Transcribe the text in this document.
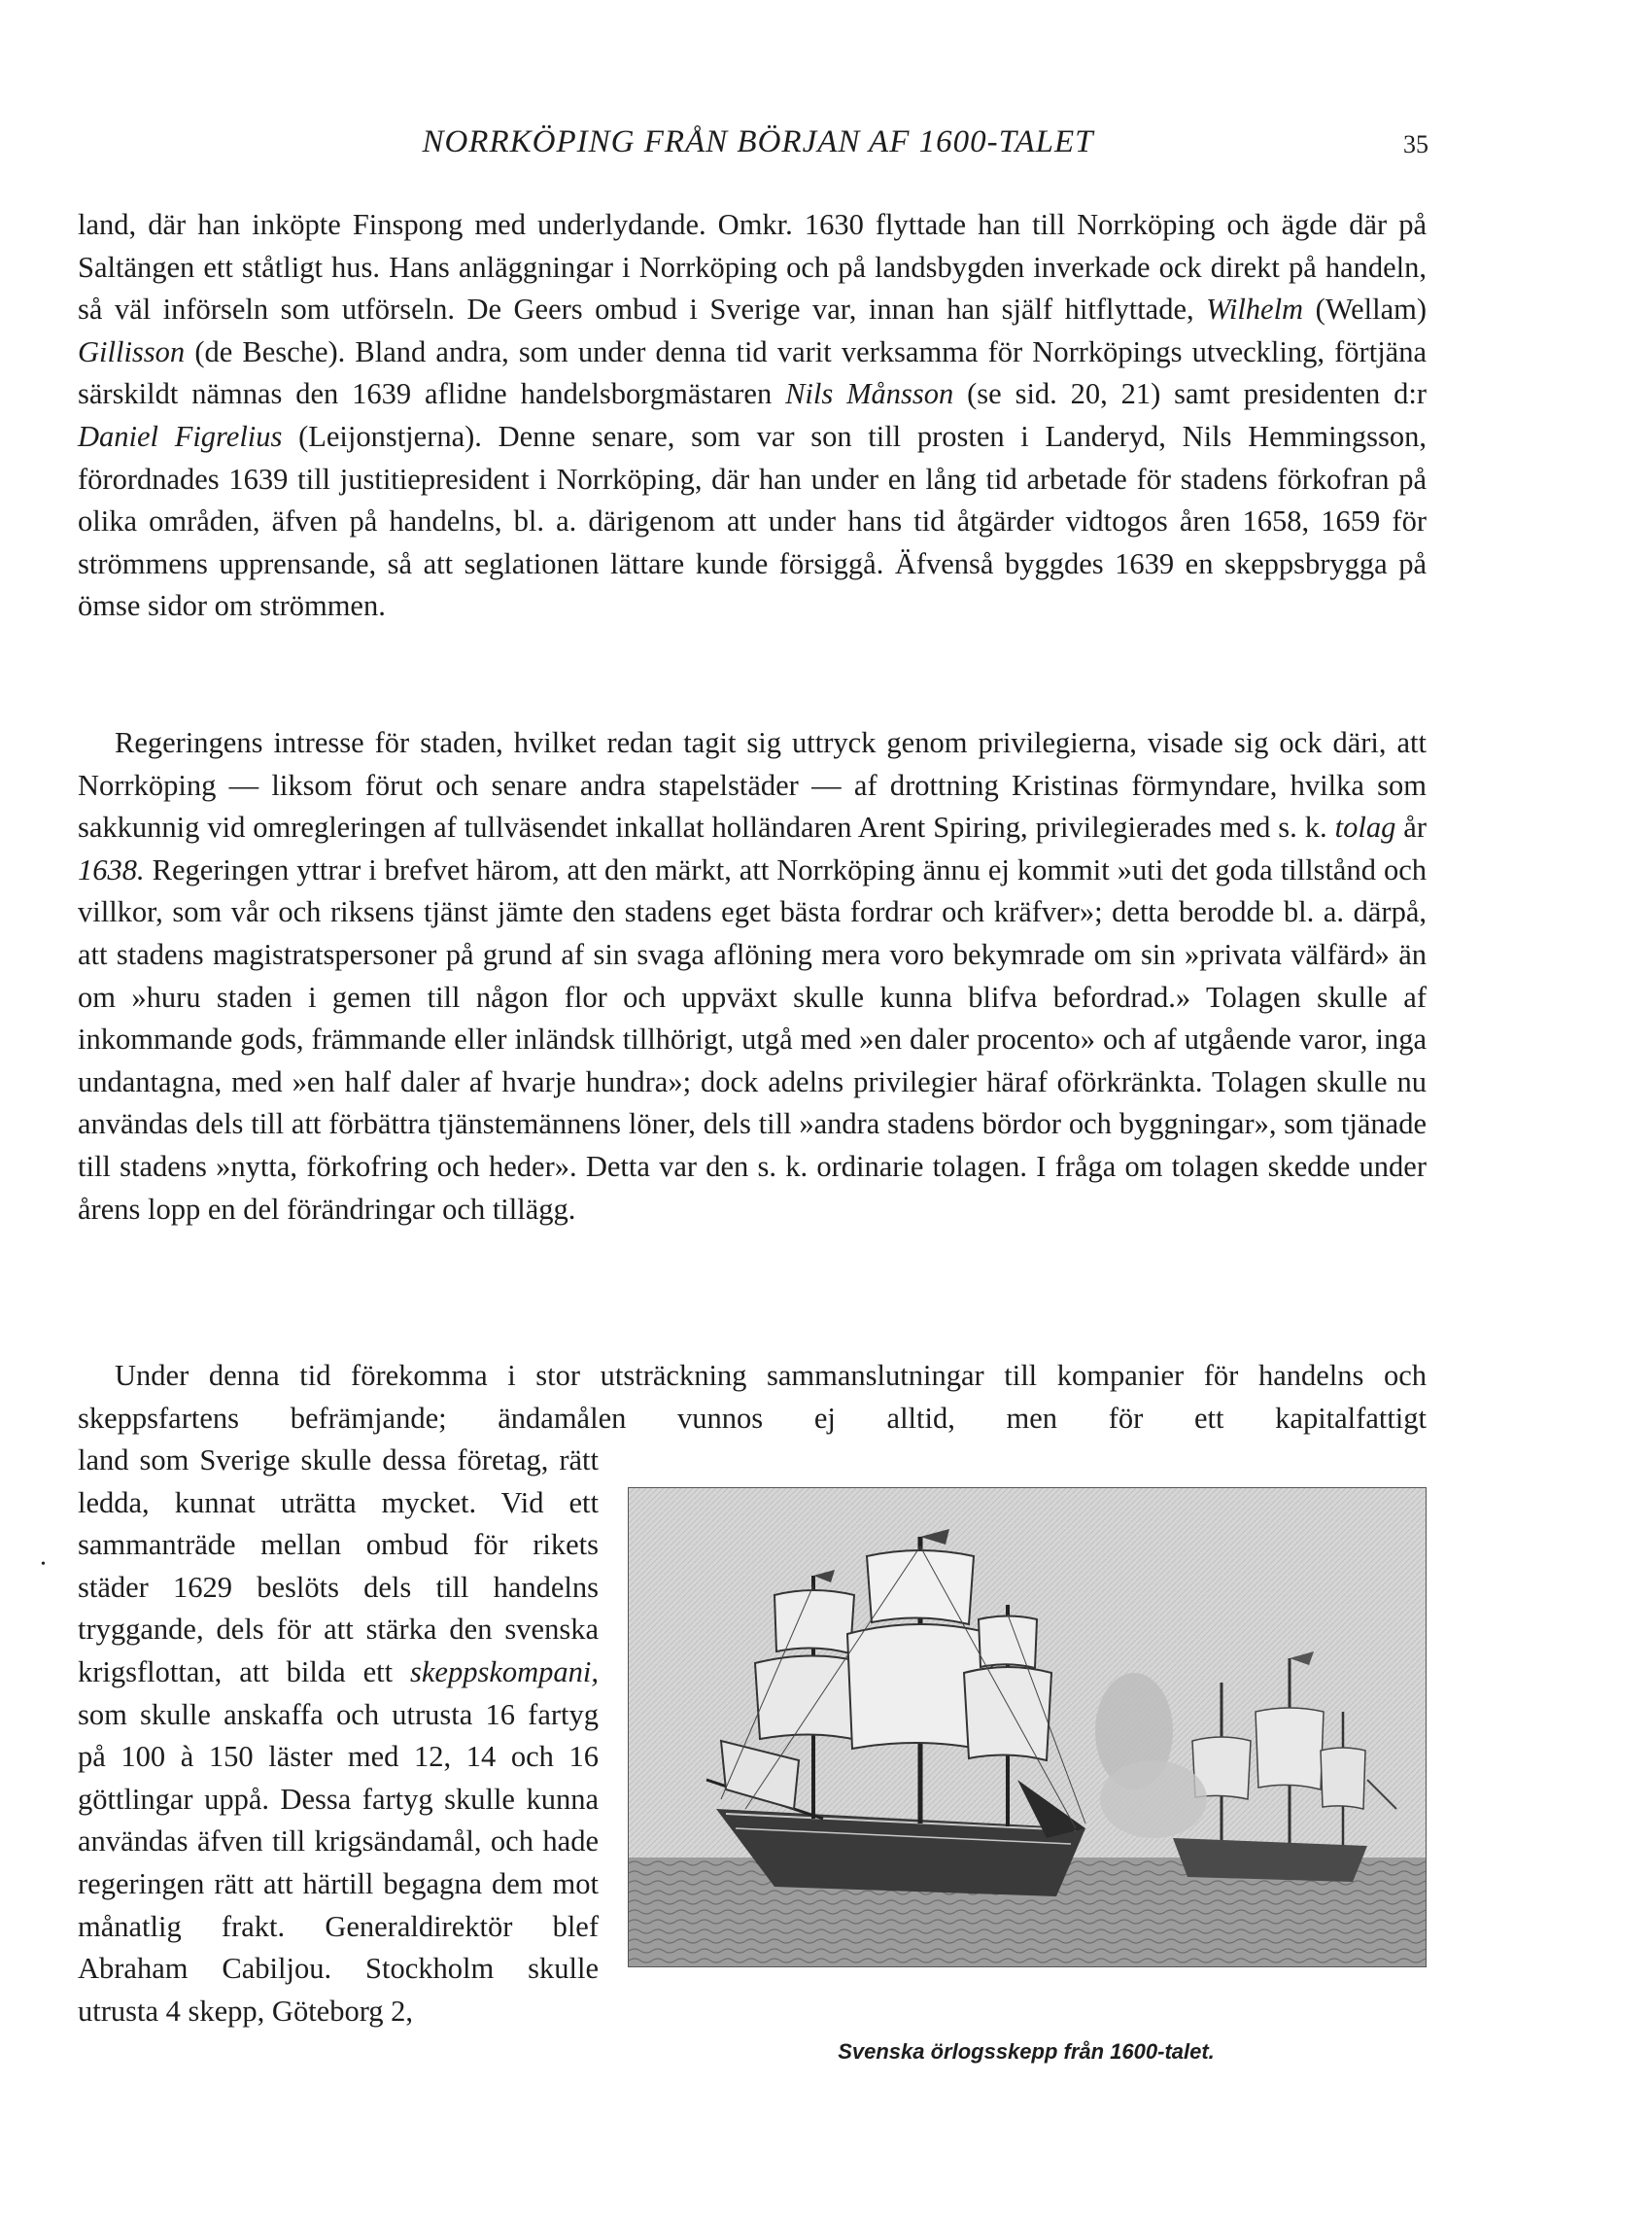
NORRKÖPING FRÅN BÖRJAN AF 1600-TALET	35
•

land, där han inköpte Finspong med underlydande. Omkr. 1630 flyttade han till Norrköping och ägde där på Saltängen ett ståtligt hus. Hans anläggningar i Norrköping och på landsbygden inverkade ock direkt på handeln, så väl införseln som utförseln. De Geers ombud i Sverige var, innan han själf hitflyttade, Wilhelm (Wellam) Gillisson (de Besche). Bland andra, som under denna tid varit verksamma för Norrköpings utveckling, förtjäna särskildt nämnas den 1639 aflidne handelsborgmästaren Nils Månsson (se sid. 20, 21) samt presidenten d:r Daniel Figrelius (Leijonstjerna). Denne senare, som var son till prosten i Landeryd, Nils Hemmingsson, förordnades 1639 till justitiepresident i Norrköping, där han under en lång tid arbetade för stadens förkofran på olika områden, äfven på handelns, bl. a. därigenom att under hans tid åtgärder vidtogos åren 1658, 1659 för strömmens upprensande, så att seglationen lättare kunde försiggå. Äfvenså byggdes 1639 en skeppsbrygga på ömse sidor om strömmen.

Regeringens intresse för staden, hvilket redan tagit sig uttryck genom privilegierna, visade sig ock däri, att Norrköping — liksom förut och senare andra stapelstäder — af drottning Kristinas förmyndare, hvilka som sakkunnig vid omregleringen af tullväsendet inkallat holländaren Arent Spiring, privilegierades med s. k. tolag år 1638. Regeringen yttrar i brefvet härom, att den märkt, att Norrköping ännu ej kommit »uti det goda tillstånd och villkor, som vår och riksens tjänst jämte den stadens eget bästa fordrar och kräfver»; detta berodde bl. a. därpå, att stadens magistratspersoner på grund af sin svaga aflöning mera voro bekymrade om sin »privata välfärd» än om »huru staden i gemen till någon flor och uppväxt skulle kunna blifva befordrad.» Tolagen skulle af inkommande gods, främmande eller inländsk tillhörigt, utgå med »en daler procento» och af utgående varor, inga undantagna, med »en half daler af hvarje hundra»; dock adelns privilegier häraf oförkränkta. Tolagen skulle nu användas dels till att förbättra tjänstemännens löner, dels till »andra stadens bördor och byggningar», som tjänade till stadens »nytta, förkofring och heder». Detta var den s. k. ordinarie tolagen. I fråga om tolagen skedde under årens lopp en del förändringar och tillägg.

Under denna tid förekomma i stor utsträckning sammanslutningar till kompanier för handelns och skeppsfartens befrämjande; ändamålen vunnos ej alltid, men för ett kapitalfattigt

land som Sverige skulle dessa företag, rätt ledda, kunnat uträtta mycket. Vid ett sammanträde mellan ombud för rikets städer 1629 beslöts dels till handelns tryggande, dels för att stärka den svenska krigsflottan, att bilda ett skeppskompani, som skulle anskaffa och utrusta 16 fartyg på 100 à 150 läster med 12, 14 och 16 göttlingar uppå. Dessa fartyg skulle kunna användas äfven till krigsändamål, och hade regeringen rätt att härtill begagna dem mot månatlig frakt. Generaldirektör blef Abraham Cabiljou. Stockholm skulle utrusta 4 skepp, Göteborg 2,

Svenska örlogsskepp från 1600-talet.
